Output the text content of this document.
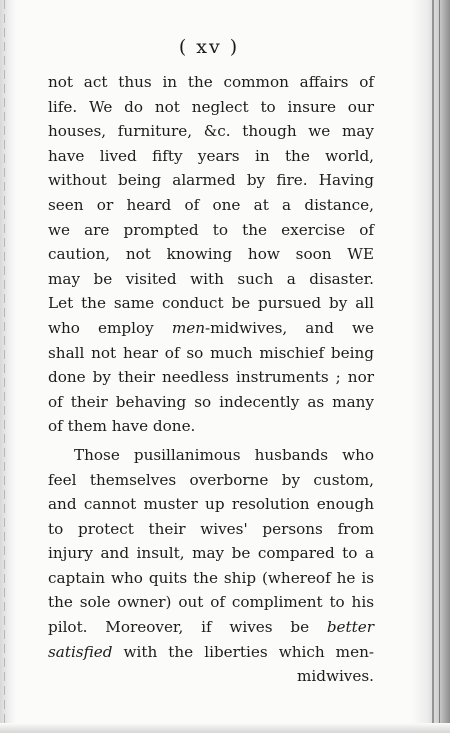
( xv )
not act thus in the common affairs of
life. We do not neglect to insure our
houses, furniture, &c. though we may
have lived fifty years in the world,
without being alarmed by fire. Having
seen or heard of one at a distance,
we are prompted to the exercise of
caution, not knowing how soon WE
may be visited with such a disaster.
Let the same conduct be pursued by all
who employ men-midwives, and we
shall not hear of so much mischief being
done by their needless instruments ; nor
of their behaving so indecently as many
of them have done.
Those pusillanimous husbands who
feel themselves overborne by custom,
and cannot muster up resolution enough
to protect their wives' persons from
injury and insult, may be compared to a
captain who quits the ship (whereof he is
the sole owner) out of compliment to his
pilot. Moreover, if wives be better
satisfied with the liberties which men-
midwives.
